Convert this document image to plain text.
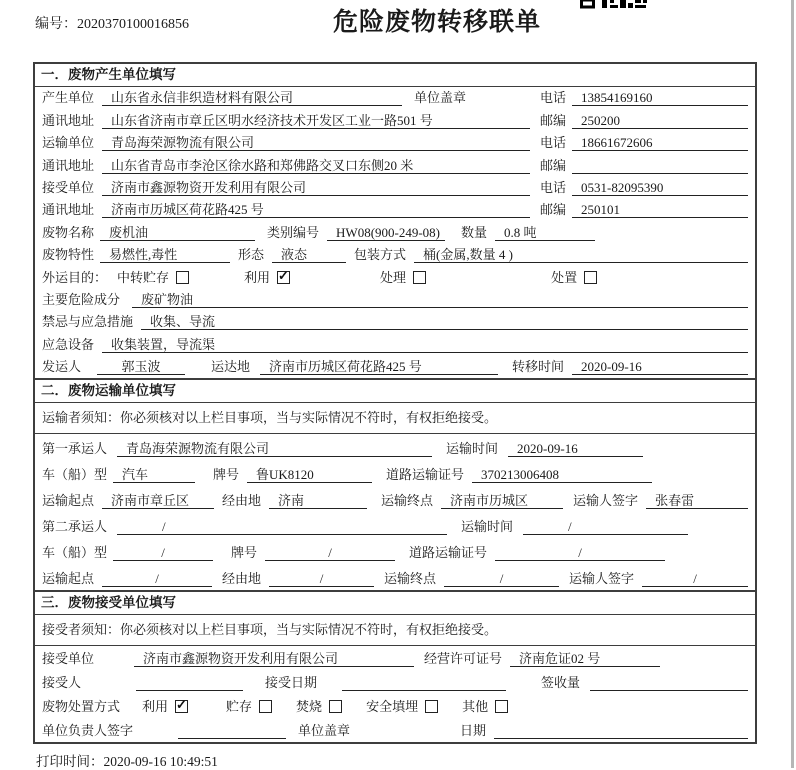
编号：2020370100016856	危险废物转移联单
一．废物产生单位填写
产生单位	山东省永信非织造材料有限公司	单位盖章	电话	13854169160
通讯地址	山东省济南市章丘区明水经济技术开发区工业一路501 号	邮编	250200
运输单位	青岛海荣源物流有限公司	电话	18661672606
通讯地址	山东省青岛市李沧区徐水路和郑佛路交叉口东侧20 米	邮编
接受单位	济南市鑫源物资开发利用有限公司	电话	0531-82095390
通讯地址	济南市历城区荷花路425 号	邮编	250101
废物名称	废机油	类别编号	HW08(900-249-08)	数量	0.8 吨
废物特性	易燃性,毒性	形态	液态	包装方式	桶(金属,数量 4 )
外运目的： 中转贮存	利用 ✓	处理	处置
主要危险成分	废矿物油
禁忌与应急措施	收集、导流
应急设备	收集装置，导流渠
发运人	郭玉波	运达地	济南市历城区荷花路425 号	转移时间	2020-09-16
二．废物运输单位填写
运输者须知：你必须核对以上栏目事项，当与实际情况不符时，有权拒绝接受。
第一承运人	青岛海荣源物流有限公司	运输时间	2020-09-16
车（船）型	汽车	牌号	鲁UK8120	道路运输证号	370213006408
运输起点	济南市章丘区	经由地	济南	运输终点	济南市历城区	运输人签字	张春雷
第二承运人	/	运输时间	/
车（船）型	/	牌号	/	道路运输证号	/
运输起点	/	经由地	/	运输终点	/	运输人签字	/
三．废物接受单位填写
接受者须知：你必须核对以上栏目事项，当与实际情况不符时，有权拒绝接受。
接受单位	济南市鑫源物资开发利用有限公司	经营许可证号	济南危证02 号
接受人	接受日期	签收量
废物处置方式 利用 ✓	贮存	焚烧	安全填埋	其他
单位负责人签字	单位盖章	日期
打印时间：2020-09-16 10:49:51
